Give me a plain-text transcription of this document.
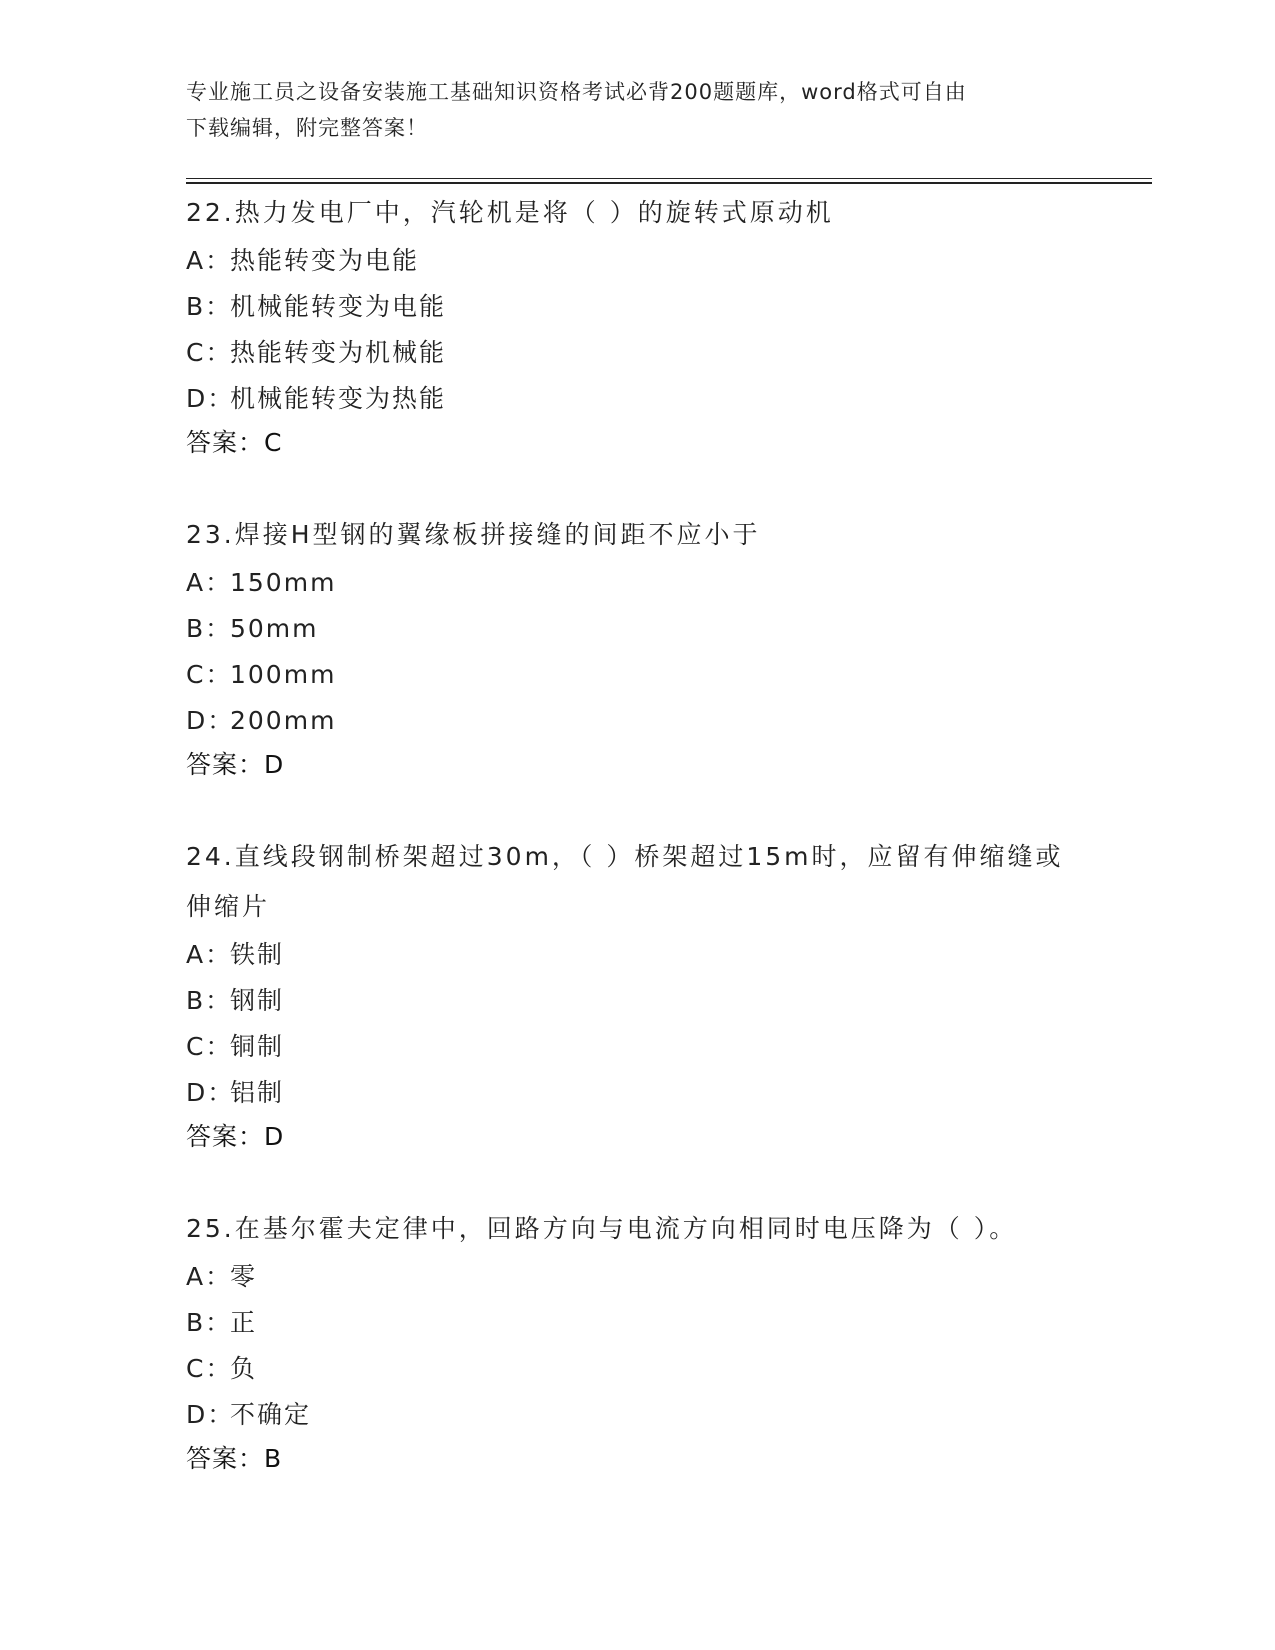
专业施工员之设备安装施工基础知识资格考试必背200题题库，word格式可自由
下载编辑，附完整答案！
22.热力发电厂中，汽轮机是将（ ）的旋转式原动机
A：热能转变为电能
B：机械能转变为电能
C：热能转变为机械能
D：机械能转变为热能
答案：C
23.焊接H型钢的翼缘板拼接缝的间距不应小于
A：150mm
B：50mm
C：100mm
D：200mm
答案：D
24.直线段钢制桥架超过30m，（ ）桥架超过15m时，应留有伸缩缝或
伸缩片
A：铁制
B：钢制
C：铜制
D：铝制
答案：D
25.在基尔霍夫定律中，回路方向与电流方向相同时电压降为（ ）。
A：零
B：正
C：负
D：不确定
答案：B
